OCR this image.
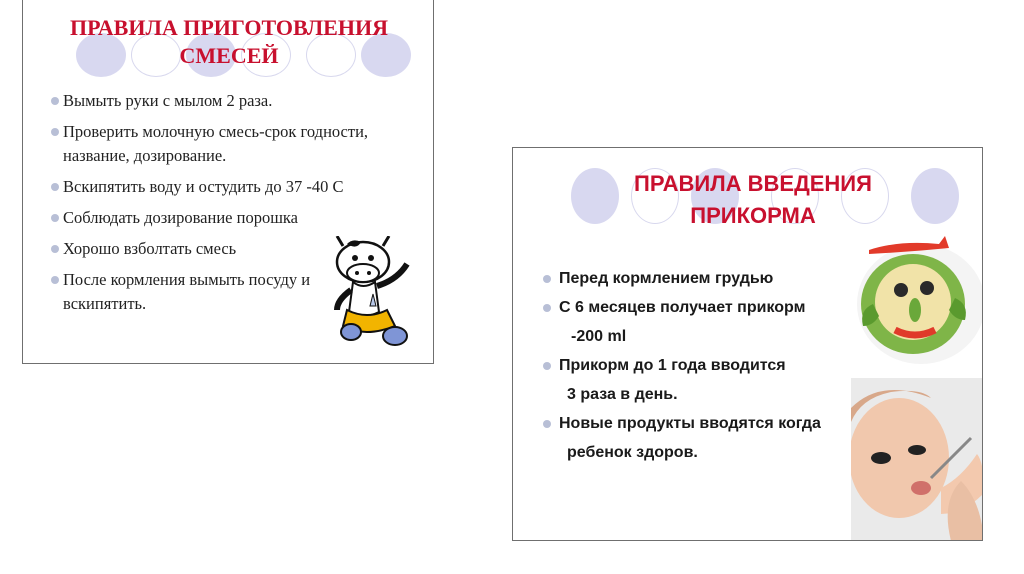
ПРАВИЛА ПРИГОТОВЛЕНИЯ
СМЕСЕЙ
Вымыть руки с мылом 2 раза.
Проверить молочную смесь-срок годности, название, дозирование.
Вскипятить воду и остудить до 37 -40 С
Соблюдать дозирование порошка
Хорошо взболтать смесь
После кормления вымыть посуду и вскипятить.
ПРАВИЛА ВВЕДЕНИЯ
ПРИКОРМА
Перед кормлением грудью
С 6 месяцев получает прикорм
-200 ml
Прикорм до 1 года вводится
3 раза в день.
Новые продукты вводятся когда
ребенок здоров.
